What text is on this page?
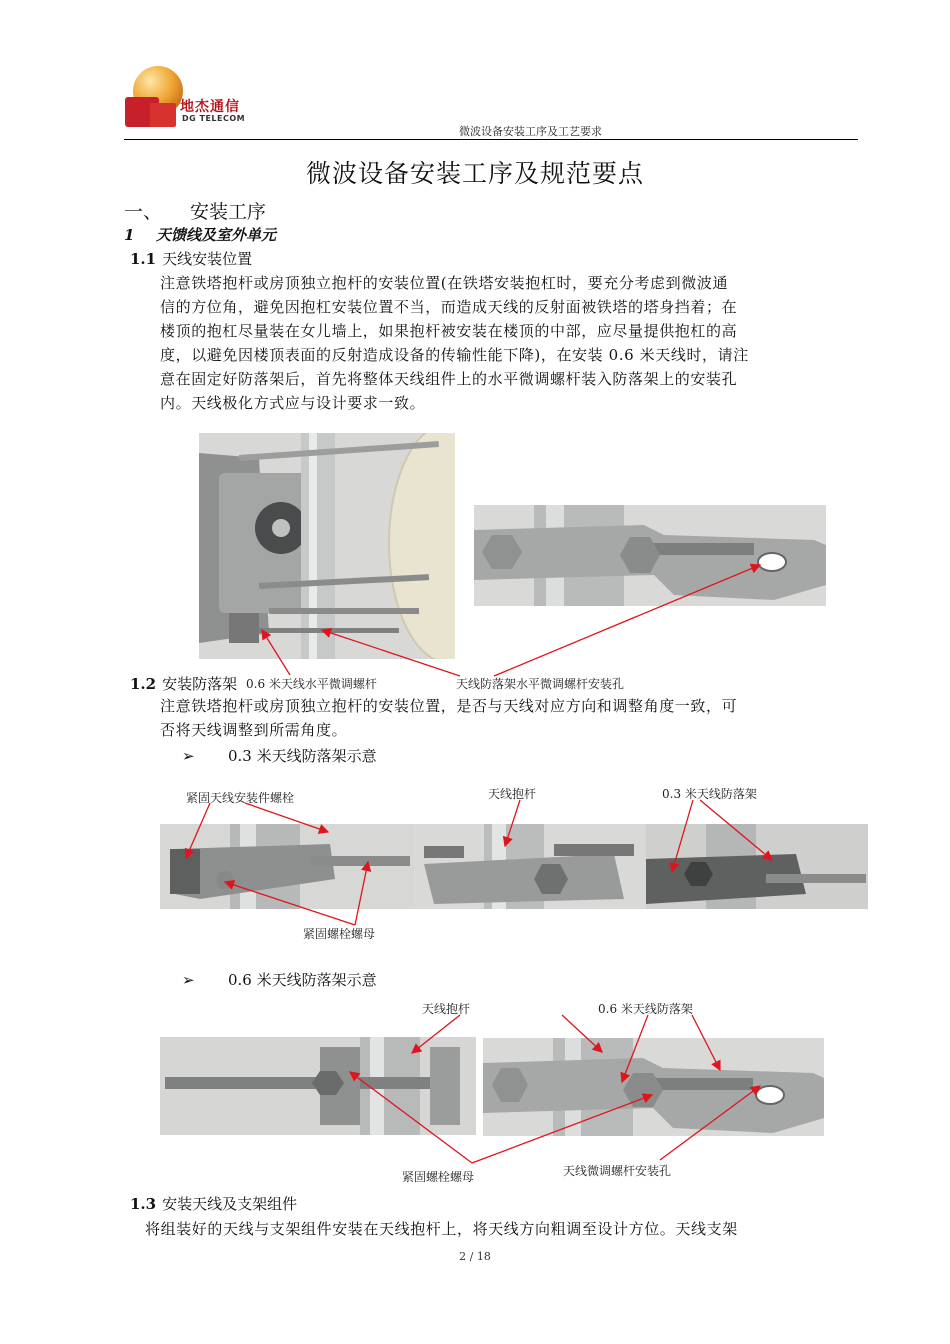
地杰通信
DG TELECOM
微波设备安装工序及工艺要求
微波设备安装工序及规范要点
一、 安装工序
1 天馈线及室外单元
1.1 天线安装位置
注意铁塔抱杆或房顶独立抱杆的安装位置(在铁塔安装抱杠时，要充分考虑到微波通
信的方位角，避免因抱杠安装位置不当，而造成天线的反射面被铁塔的塔身挡着；在
楼顶的抱杠尽量装在女儿墙上，如果抱杆被安装在楼顶的中部，应尽量提供抱杠的高
度，以避免因楼顶表面的反射造成设备的传输性能下降)，在安装 0.6 米天线时，请注
意在固定好防落架后，首先将整体天线组件上的水平微调螺杆装入防落架上的安装孔
内。天线极化方式应与设计要求一致。
0.6 米天线水平微调螺杆	天线防落架水平微调螺杆安装孔
1.2 安装防落架
注意铁塔抱杆或房顶独立抱杆的安装位置，是否与天线对应方向和调整角度一致，可
否将天线调整到所需角度。
➢ 0.3 米天线防落架示意
紧固天线安装件螺栓	天线抱杆	0.3 米天线防落架
紧固螺栓螺母
➢ 0.6 米天线防落架示意
天线抱杆	0.6 米天线防落架
紧固螺栓螺母	天线微调螺杆安装孔
1.3 安装天线及支架组件
将组装好的天线与支架组件安装在天线抱杆上，将天线方向粗调至设计方位。天线支架
2 / 18
